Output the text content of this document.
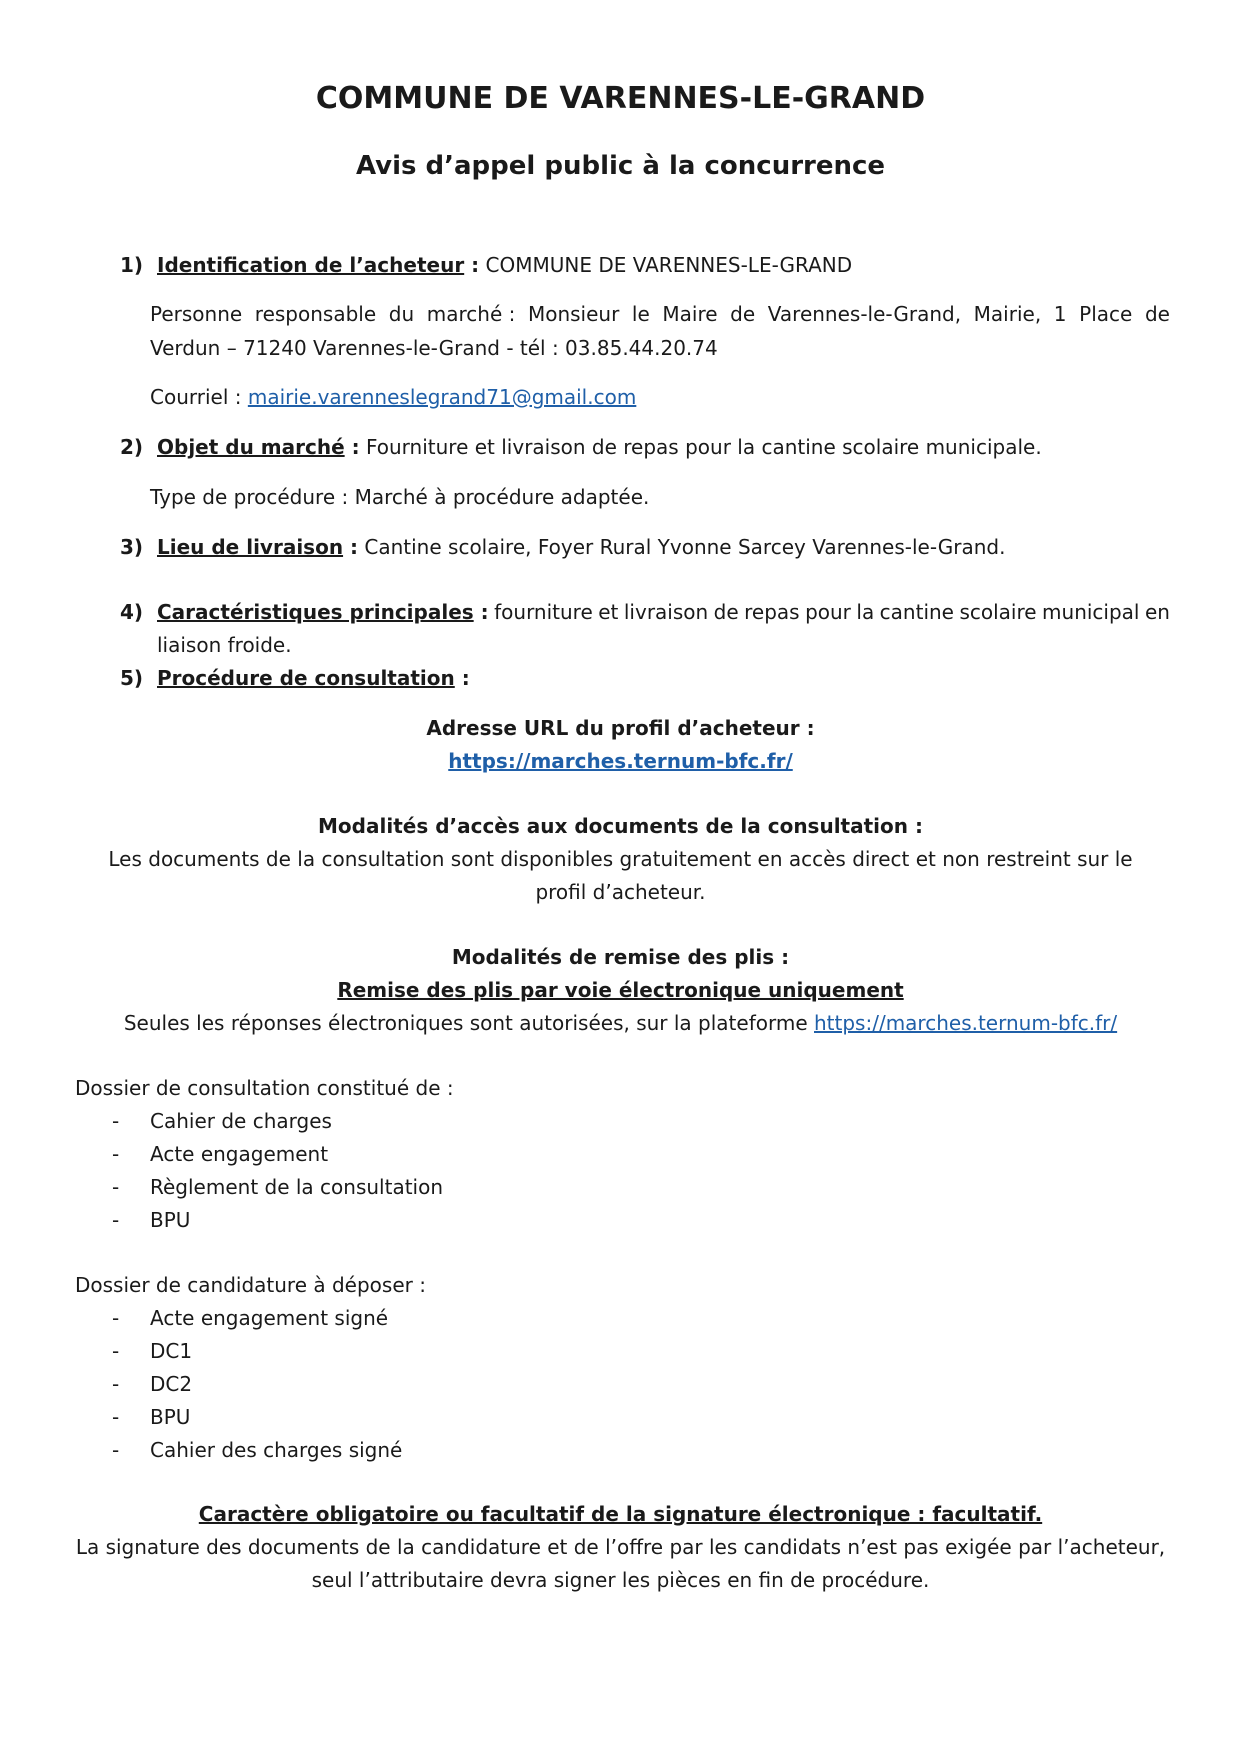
COMMUNE DE VARENNES-LE-GRAND
Avis d’appel public à la concurrence
1) Identification de l’acheteur : COMMUNE DE VARENNES-LE-GRAND
Personne responsable du marché : Monsieur le Maire de Varennes-le-Grand, Mairie, 1 Place de
Verdun – 71240 Varennes-le-Grand - tél : 03.85.44.20.74
Courriel : mairie.varenneslegrand71@gmail.com
2) Objet du marché : Fourniture et livraison de repas pour la cantine scolaire municipale.
Type de procédure : Marché à procédure adaptée.
3) Lieu de livraison : Cantine scolaire, Foyer Rural Yvonne Sarcey Varennes-le-Grand.
4) Caractéristiques principales : fourniture et livraison de repas pour la cantine scolaire municipal en
liaison froide.
5) Procédure de consultation :
Adresse URL du profil d’acheteur :
https://marches.ternum-bfc.fr/
Modalités d’accès aux documents de la consultation :
Les documents de la consultation sont disponibles gratuitement en accès direct et non restreint sur le
profil d’acheteur.
Modalités de remise des plis :
Remise des plis par voie électronique uniquement
Seules les réponses électroniques sont autorisées, sur la plateforme https://marches.ternum-bfc.fr/
Dossier de consultation constitué de :
- Cahier de charges
- Acte engagement
- Règlement de la consultation
- BPU
Dossier de candidature à déposer :
- Acte engagement signé
- DC1
- DC2
- BPU
- Cahier des charges signé
Caractère obligatoire ou facultatif de la signature électronique : facultatif.
La signature des documents de la candidature et de l’offre par les candidats n’est pas exigée par l’acheteur,
seul l’attributaire devra signer les pièces en fin de procédure.
